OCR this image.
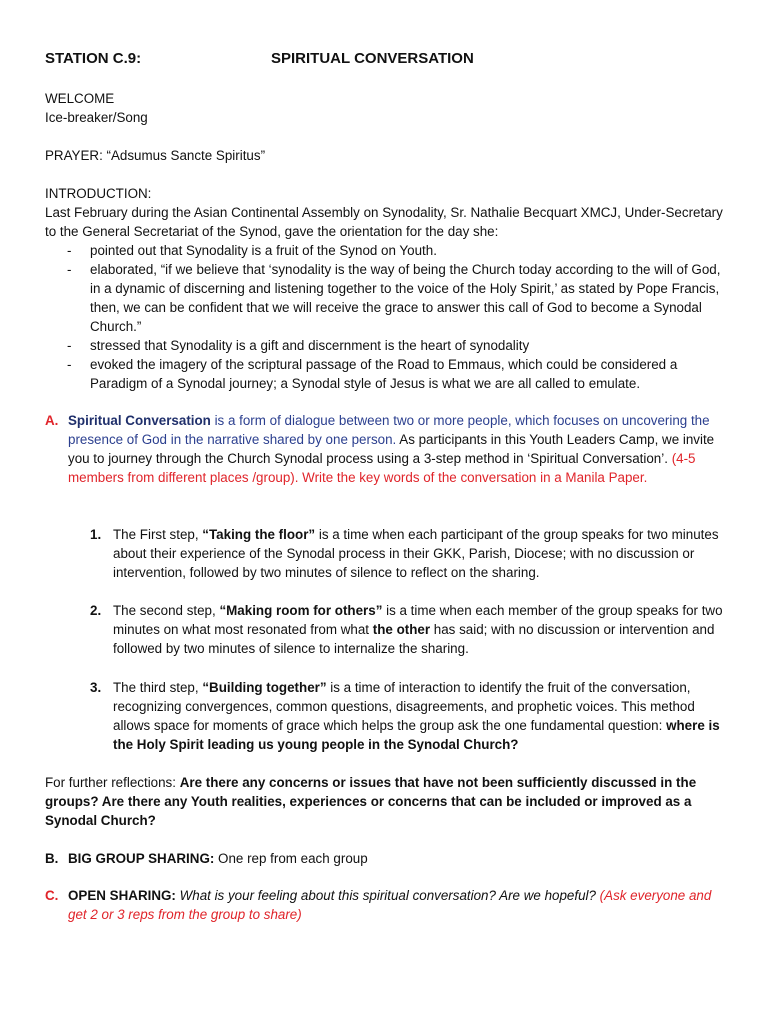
STATION C.9:	SPIRITUAL CONVERSATION

WELCOME

Ice-breaker/Song

PRAYER: “Adsumus Sancte Spiritus”

INTRODUCTION:

Last February during the Asian Continental Assembly on Synodality, Sr. Nathalie Becquart XMCJ, Under-Secretary to the General Secretariat of the Synod, gave the orientation for the day she:

- pointed out that Synodality is a fruit of the Synod on Youth.
- elaborated, “if we believe that ‘synodality is the way of being the Church today according to the will of God, in a dynamic of discerning and listening together to the voice of the Holy Spirit,’ as stated by Pope Francis, then, we can be confident that we will receive the grace to answer this call of God to become a Synodal Church.”
- stressed that Synodality is a gift and discernment is the heart of synodality
- evoked the imagery of the scriptural passage of the Road to Emmaus, which could be considered a Paradigm of a Synodal journey; a Synodal style of Jesus is what we are all called to emulate.
A. Spiritual Conversation is a form of dialogue between two or more people, which focuses on uncovering the presence of God in the narrative shared by one person. As participants in this Youth Leaders Camp, we invite you to journey through the Church Synodal process using a 3-step method in ‘Spiritual Conversation’. (4-5 members from different places /group). Write the key words of the conversation in a Manila Paper.
1. The First step, “Taking the floor” is a time when each participant of the group speaks for two minutes about their experience of the Synodal process in their GKK, Parish, Diocese; with no discussion or intervention, followed by two minutes of silence to reflect on the sharing.
2. The second step, “Making room for others” is a time when each member of the group speaks for two minutes on what most resonated from what the other has said; with no discussion or intervention and followed by two minutes of silence to internalize the sharing.
3. The third step, “Building together” is a time of interaction to identify the fruit of the conversation, recognizing convergences, common questions, disagreements, and prophetic voices. This method allows space for moments of grace which helps the group ask the one fundamental question: where is the Holy Spirit leading us young people in the Synodal Church?
For further reflections: Are there any concerns or issues that have not been sufficiently discussed in the groups? Are there any Youth realities, experiences or concerns that can be included or improved as a Synodal Church?
B. BIG GROUP SHARING: One rep from each group
C. OPEN SHARING: What is your feeling about this spiritual conversation? Are we hopeful? (Ask everyone and get 2 or 3 reps from the group to share)
